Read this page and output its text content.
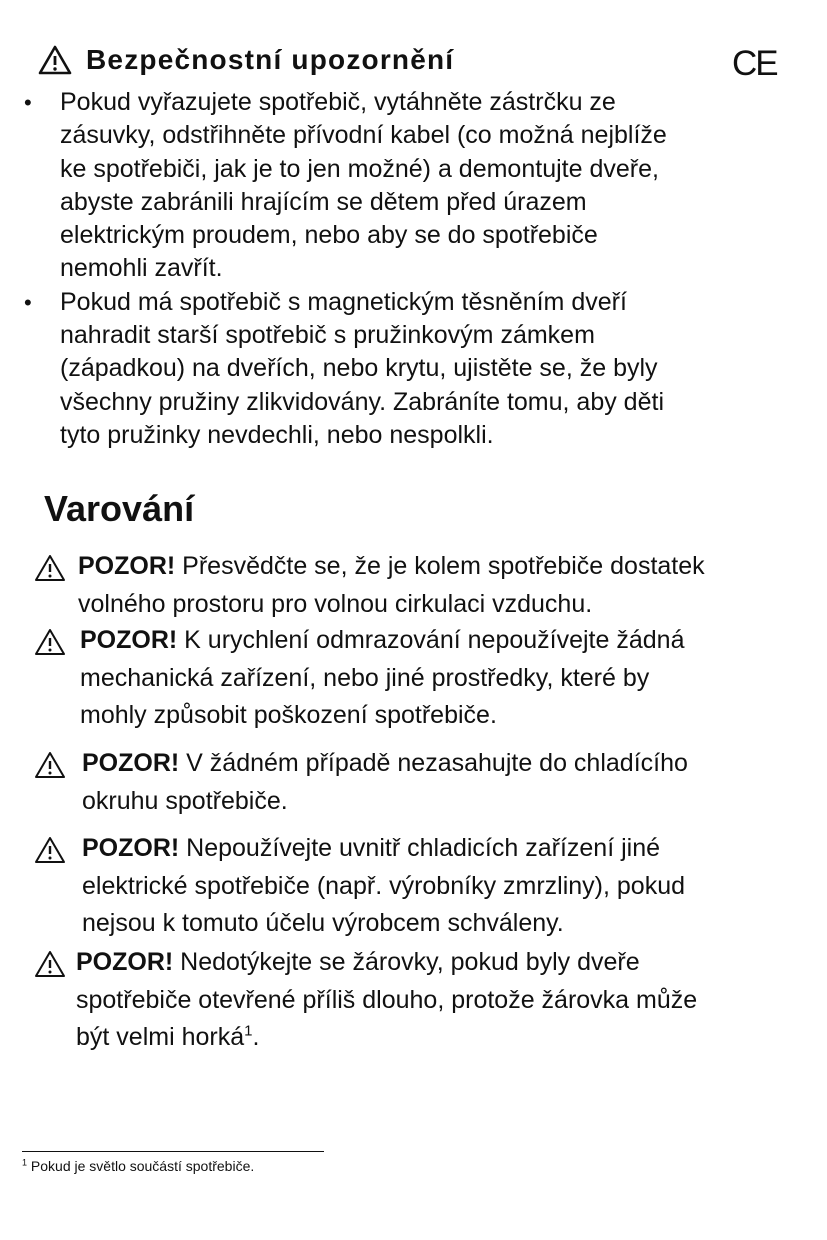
Bezpečnostní upozornění	CE
• Pokud vyřazujete spotřebič, vytáhněte zástrčku ze
zásuvky, odstřihněte přívodní kabel (co možná nejblíže
ke spotřebiči, jak je to jen možné) a demontujte dveře,
abyste zabránili hrajícím se dětem před úrazem
elektrickým proudem, nebo aby se do spotřebiče
nemohli zavřít.
• Pokud má spotřebič s magnetickým těsněním dveří
nahradit starší spotřebič s pružinkovým zámkem
(západkou) na dveřích, nebo krytu, ujistěte se, že byly
všechny pružiny zlikvidovány. Zabráníte tomu, aby děti
tyto pružinky nevdechli, nebo nespolkli.
Varování
POZOR! Přesvědčte se, že je kolem spotřebiče dostatek
volného prostoru pro volnou cirkulaci vzduchu.
POZOR! K urychlení odmrazování nepoužívejte žádná
mechanická zařízení, nebo jiné prostředky, které by
mohly způsobit poškození spotřebiče.
POZOR! V žádném případě nezasahujte do chladícího
okruhu spotřebiče.
POZOR! Nepoužívejte uvnitř chladicích zařízení jiné
elektrické spotřebiče (např. výrobníky zmrzliny), pokud
nejsou k tomuto účelu výrobcem schváleny.
POZOR! Nedotýkejte se žárovky, pokud byly dveře
spotřebiče otevřené příliš dlouho, protože žárovka může
být velmi horká$^1$.
$^1$ Pokud je světlo součástí spotřebiče.
